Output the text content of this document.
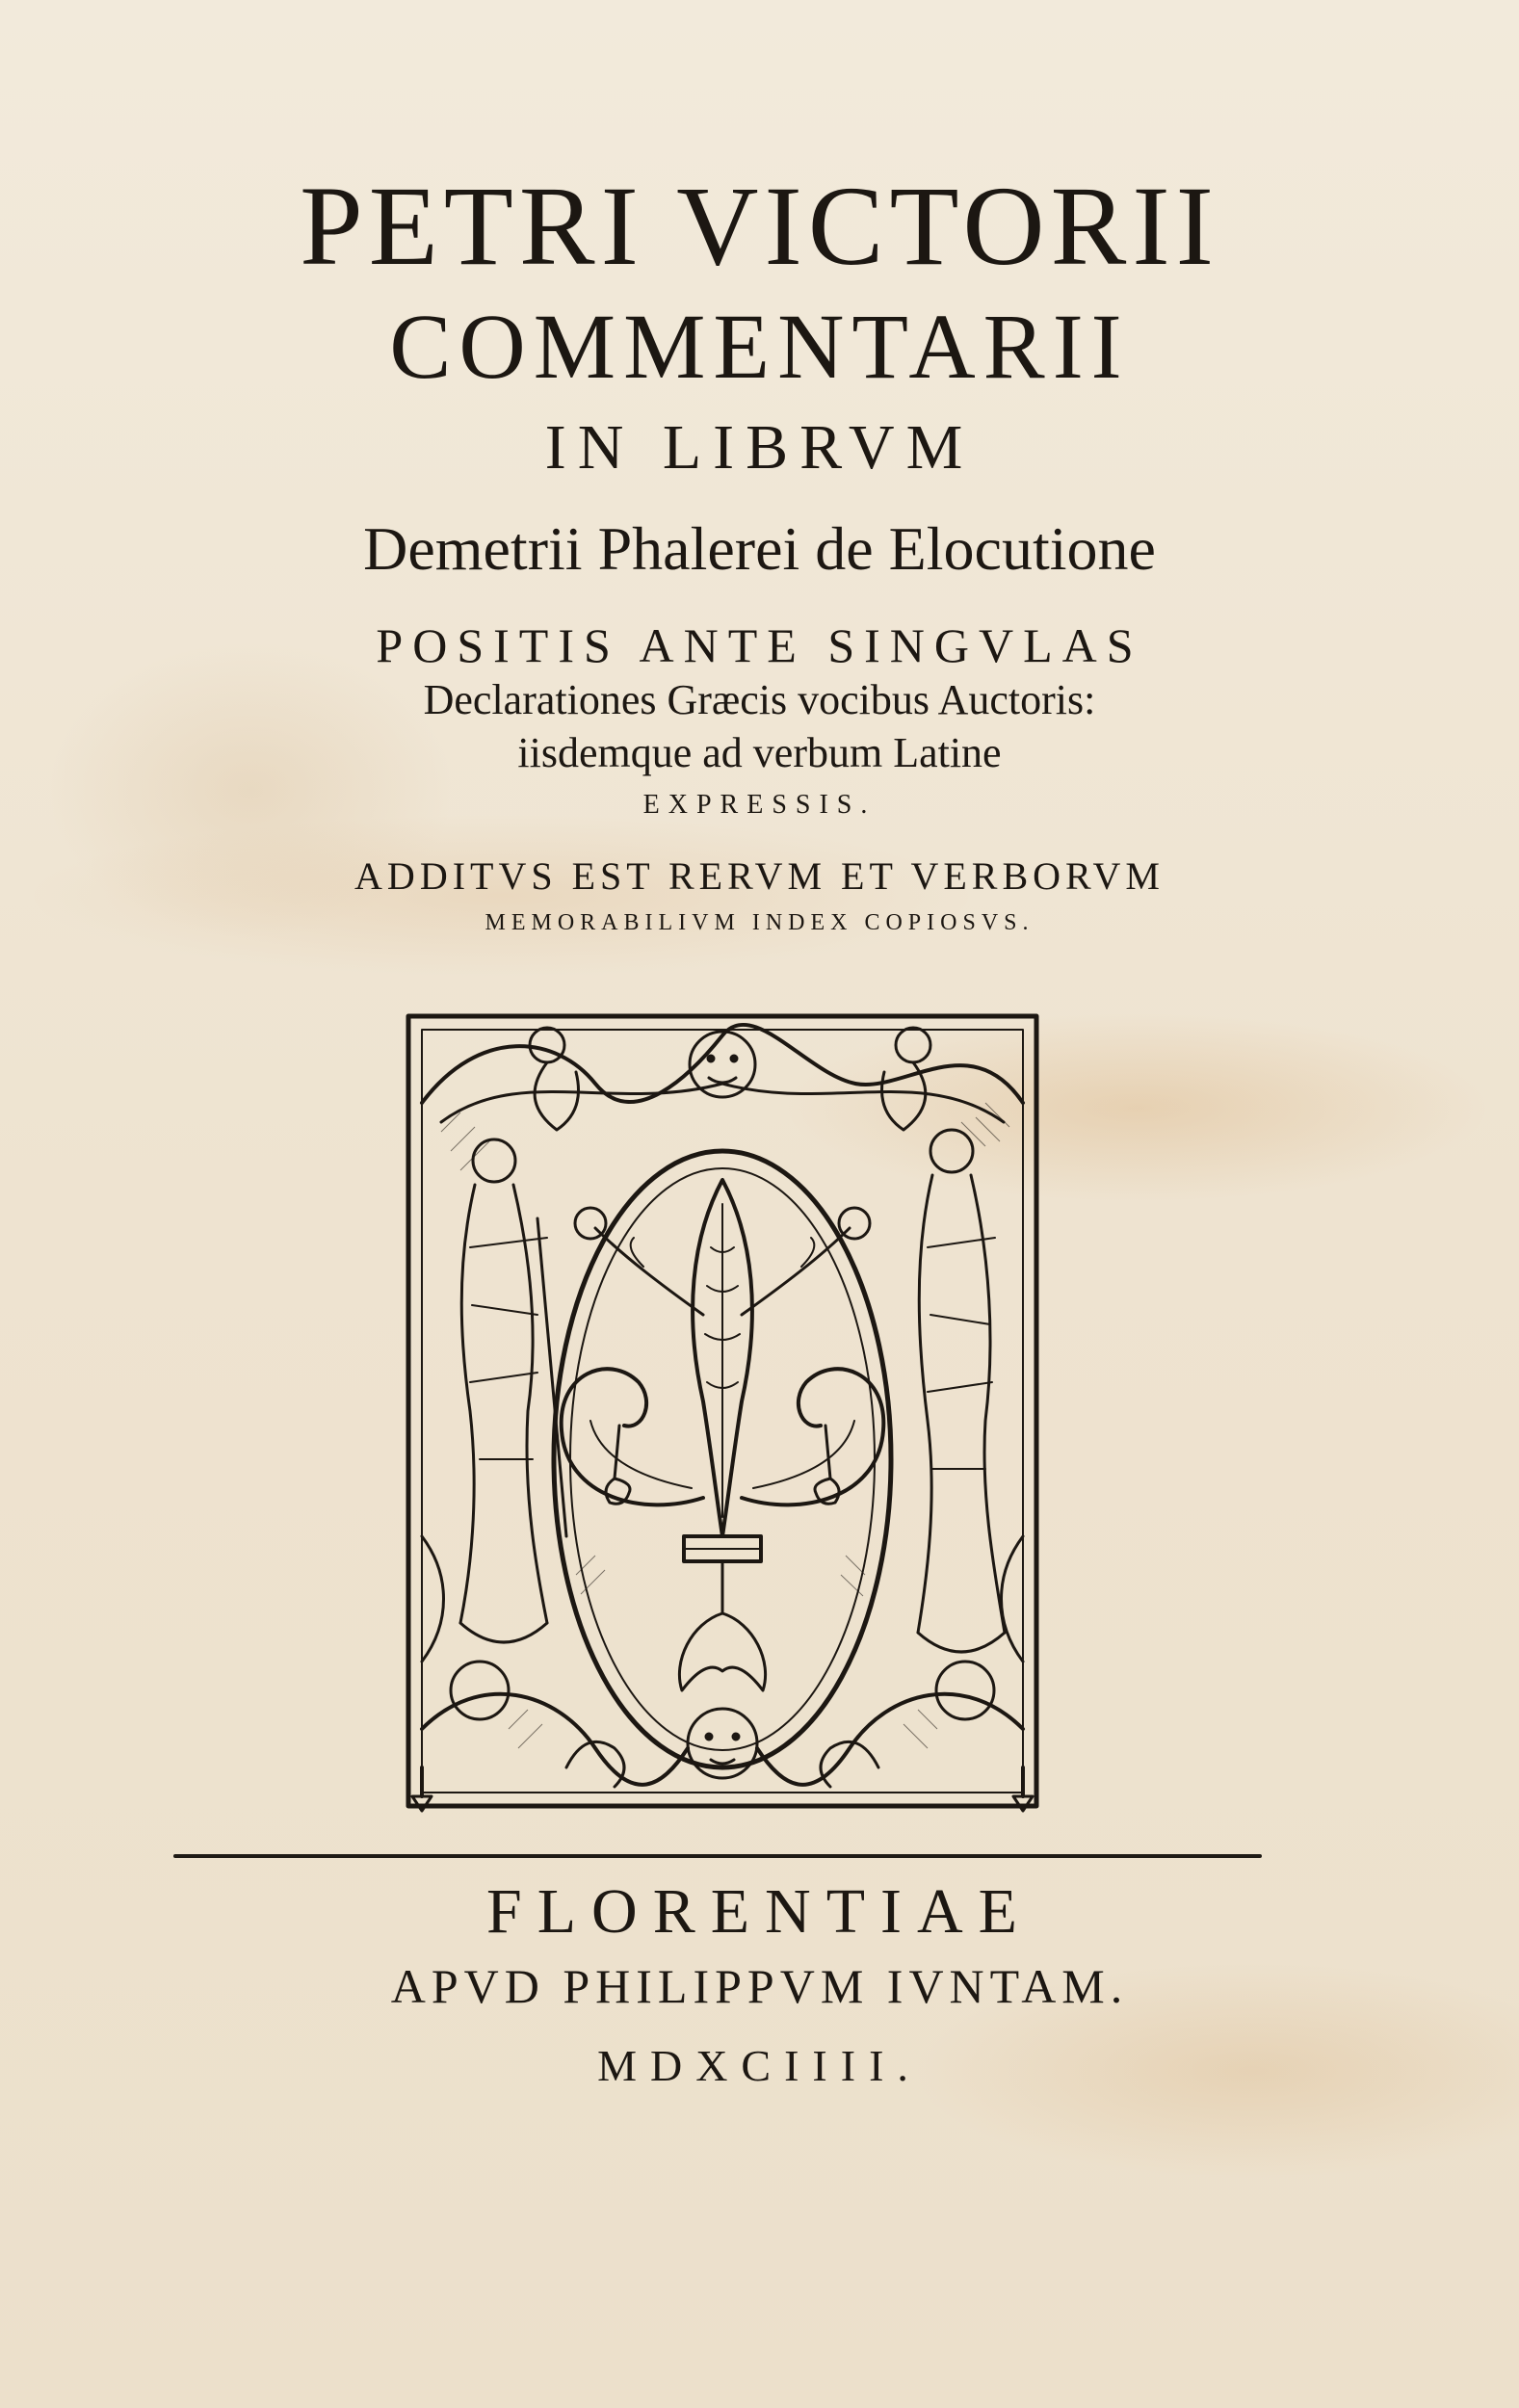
PETRI VICTORII

COMMENTARII

IN LIBRVM

Demetrii Phalerei de Elocutione

POSITIS ANTE SINGVLAS

Declarationes Græcis vocibus Auctoris:

iisdemque ad verbum Latine

EXPRESSIS.

ADDITVS EST RERVM ET VERBORVM

MEMORABILIVM INDEX COPIOSVS.

FLORENTIAE

APVD PHILIPPVM IVNTAM.

MDXCIIII.
